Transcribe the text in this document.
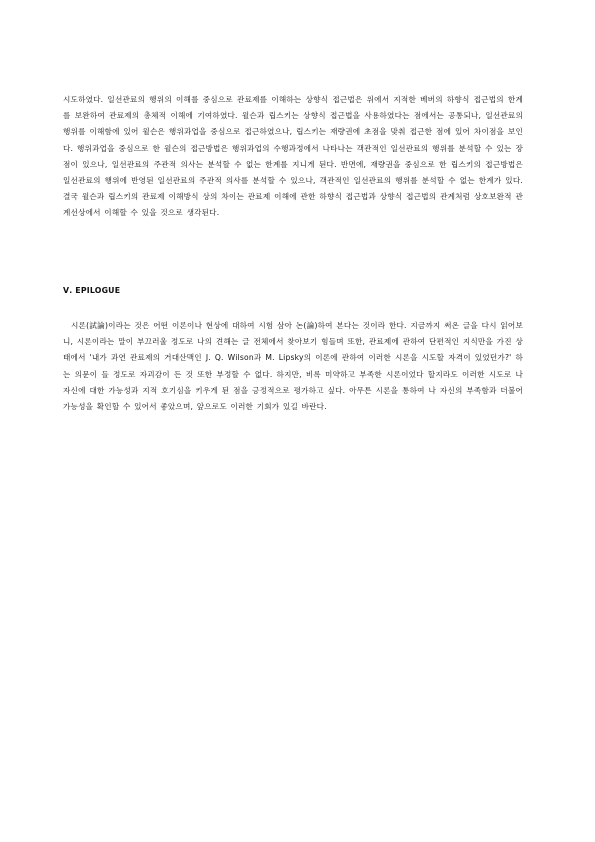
시도하였다. 일선관료의 행위의 이해를 중심으로 관료제를 이해하는 상향식 접근법은 위에서 지적한 베버의 하향식 접근법의 한계를 보완하여 관료제의 총체적 이해에 기여하였다. 윌슨과 립스키는 상향식 접근법을 사용하였다는 점에서는 공통되나, 일선관료의 행위를 이해함에 있어 윌슨은 행위과업을 중심으로 접근하였으나, 립스키는 재량권에 초점을 맞춰 접근한 점에 있어 차이점을 보인다. 행위과업을 중심으로 한 윌슨의 접근방법은 행위과업의 수행과정에서 나타나는 객관적인 일선관료의 행위를 분석할 수 있는 장점이 있으나, 일선관료의 주관적 의사는 분석할 수 없는 한계를 지니게 된다. 반면에, 재량권을 중심으로 한 립스키의 접근방법은 일선관료의 행위에 반영된 일선관료의 주관적 의사를 분석할 수 있으나, 객관적인 일선관료의 행위를 분석할 수 없는 한계가 있다. 결국 윌슨과 립스키의 관료제 이해방식 상의 차이는 관료제 이해에 관한 하향식 접근법과 상향식 접근법의 관계처럼 상호보완적 관계선상에서 이해할 수 있을 것으로 생각된다.

Ⅴ. EPILOGUE

시론(試論)이라는 것은 어떤 이론이나 현상에 대하여 시험 삼아 논(論)하여 본다는 것이라 한다. 지금까지 써온 글을 다시 읽어보니, 시론이라는 말이 부끄러울 정도로 나의 견해는 글 전체에서 찾아보기 힘들며 또한, 관료제에 관하여 단편적인 지식만을 가진 상태에서 '내가 과연 관료제의 거대산맥인 J. Q. Wilson과 M. Lipsky의 이론에 관하여 이러한 시론을 시도할 자격이 있었던가?' 하는 의문이 들 정도로 자괴감이 든 것 또한 부정할 수 없다. 하지만, 비록 미약하고 부족한 시론이었다 할지라도 이러한 시도로 나 자신에 대한 가능성과 지적 호기심을 키우게 된 점을 긍정적으로 평가하고 싶다. 아무튼 시론을 통하여 나 자신의 부족함과 더불어 가능성을 확인할 수 있어서 좋았으며, 앞으로도 이러한 기회가 있길 바란다.
